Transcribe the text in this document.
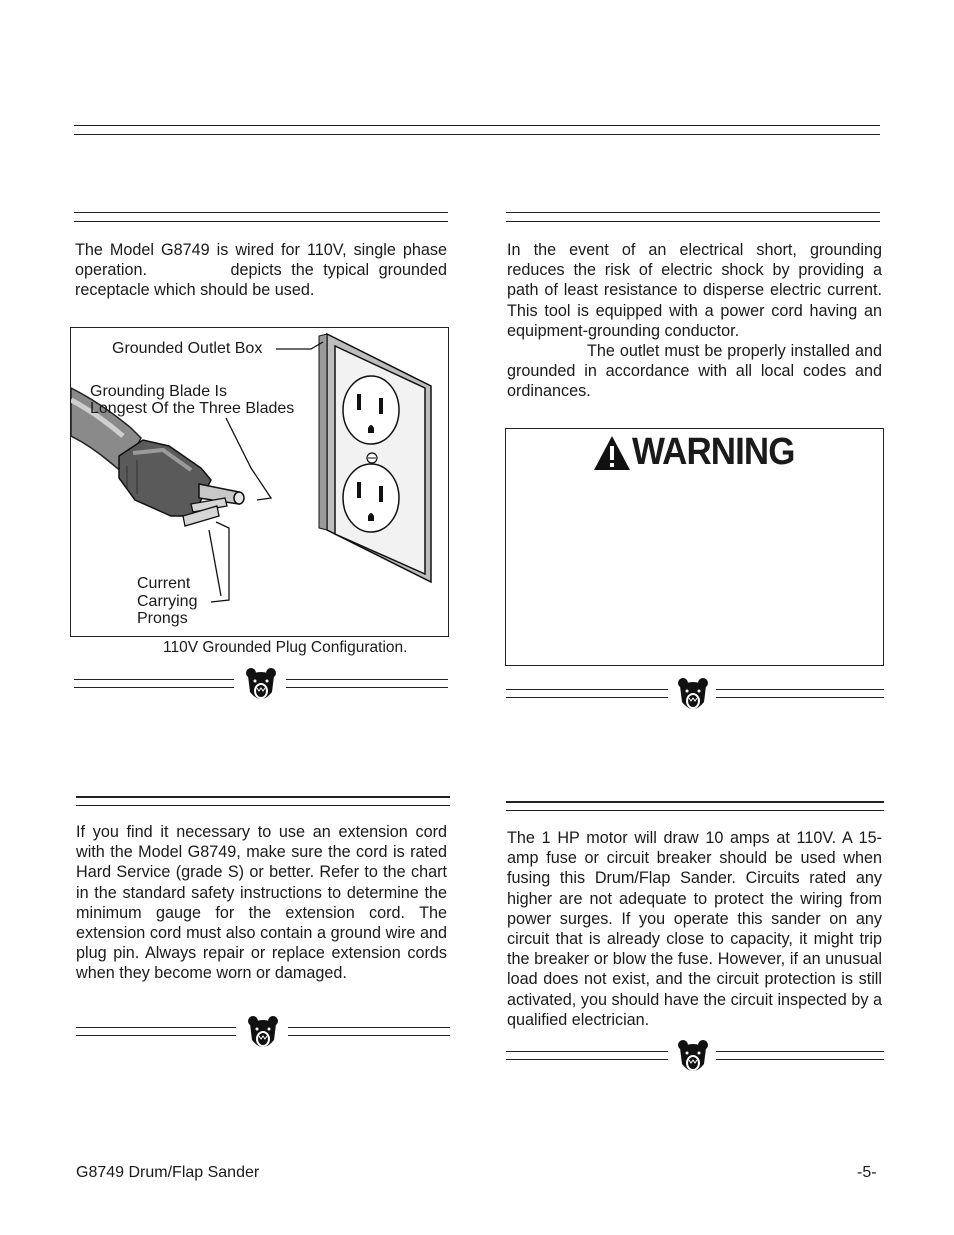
The Model G8749 is wired for 110V, single phase operation.	depicts the typical grounded receptacle which should be used.
Grounded Outlet Box
Grounding Blade Is
Longest Of the Three Blades
Current
Carrying
Prongs
110V Grounded Plug Configuration.
If you find it necessary to use an extension cord with the Model G8749, make sure the cord is rated Hard Service (grade S) or better. Refer to the chart in the standard safety instructions to determine the minimum gauge for the extension cord. The extension cord must also contain a ground wire and plug pin. Always repair or replace extension cords when they become worn or damaged.
In the event of an electrical short, grounding reduces the risk of electric shock by providing a path of least resistance to disperse electric current. This tool is equipped with a power cord having an equipment-grounding conductor.
The outlet must be properly installed and grounded in accordance with all local codes and ordinances.
WARNING
The 1 HP motor will draw 10 amps at 110V. A 15-amp fuse or circuit breaker should be used when fusing this Drum/Flap Sander. Circuits rated any higher are not adequate to protect the wiring from power surges. If you operate this sander on any circuit that is already close to capacity, it might trip the breaker or blow the fuse. However, if an unusual load does not exist, and the circuit protection is still activated, you should have the circuit inspected by a qualified electrician.
G8749 Drum/Flap Sander	-5-
